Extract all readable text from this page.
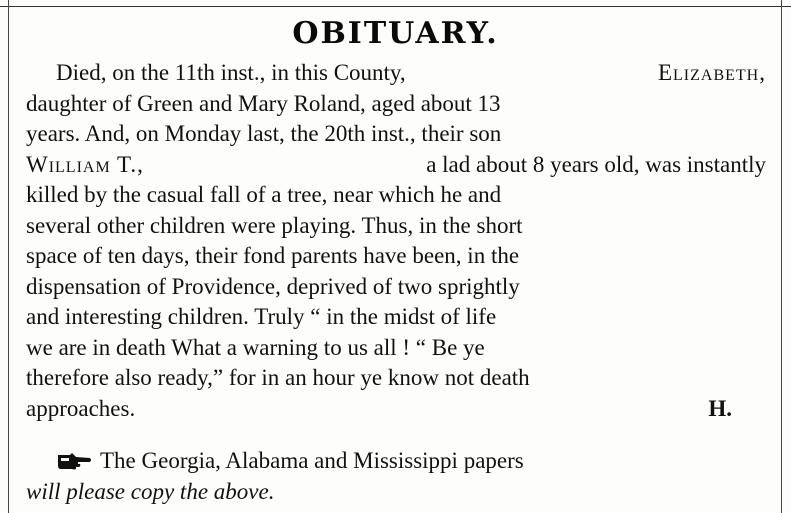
OBITUARY.
Died, on the 11th inst., in this County,	Elizabeth,
daughter of Green and Mary Roland, aged about 13
years. And, on Monday last, the 20th inst., their son
William T.,	a lad about 8 years old, was instantly
killed by the casual fall of a tree, near which he and
several other children were playing. Thus, in the short
space of ten days, their fond parents have been, in the
dispensation of Providence, deprived of two sprightly
and interesting children. Truly “ in the midst of life
we are in death What a warning to us all ! “ Be ye
therefore also ready,” for in an hour ye know not death
approaches.	H.
The Georgia, Alabama and Mississippi papers
will please copy the above.
